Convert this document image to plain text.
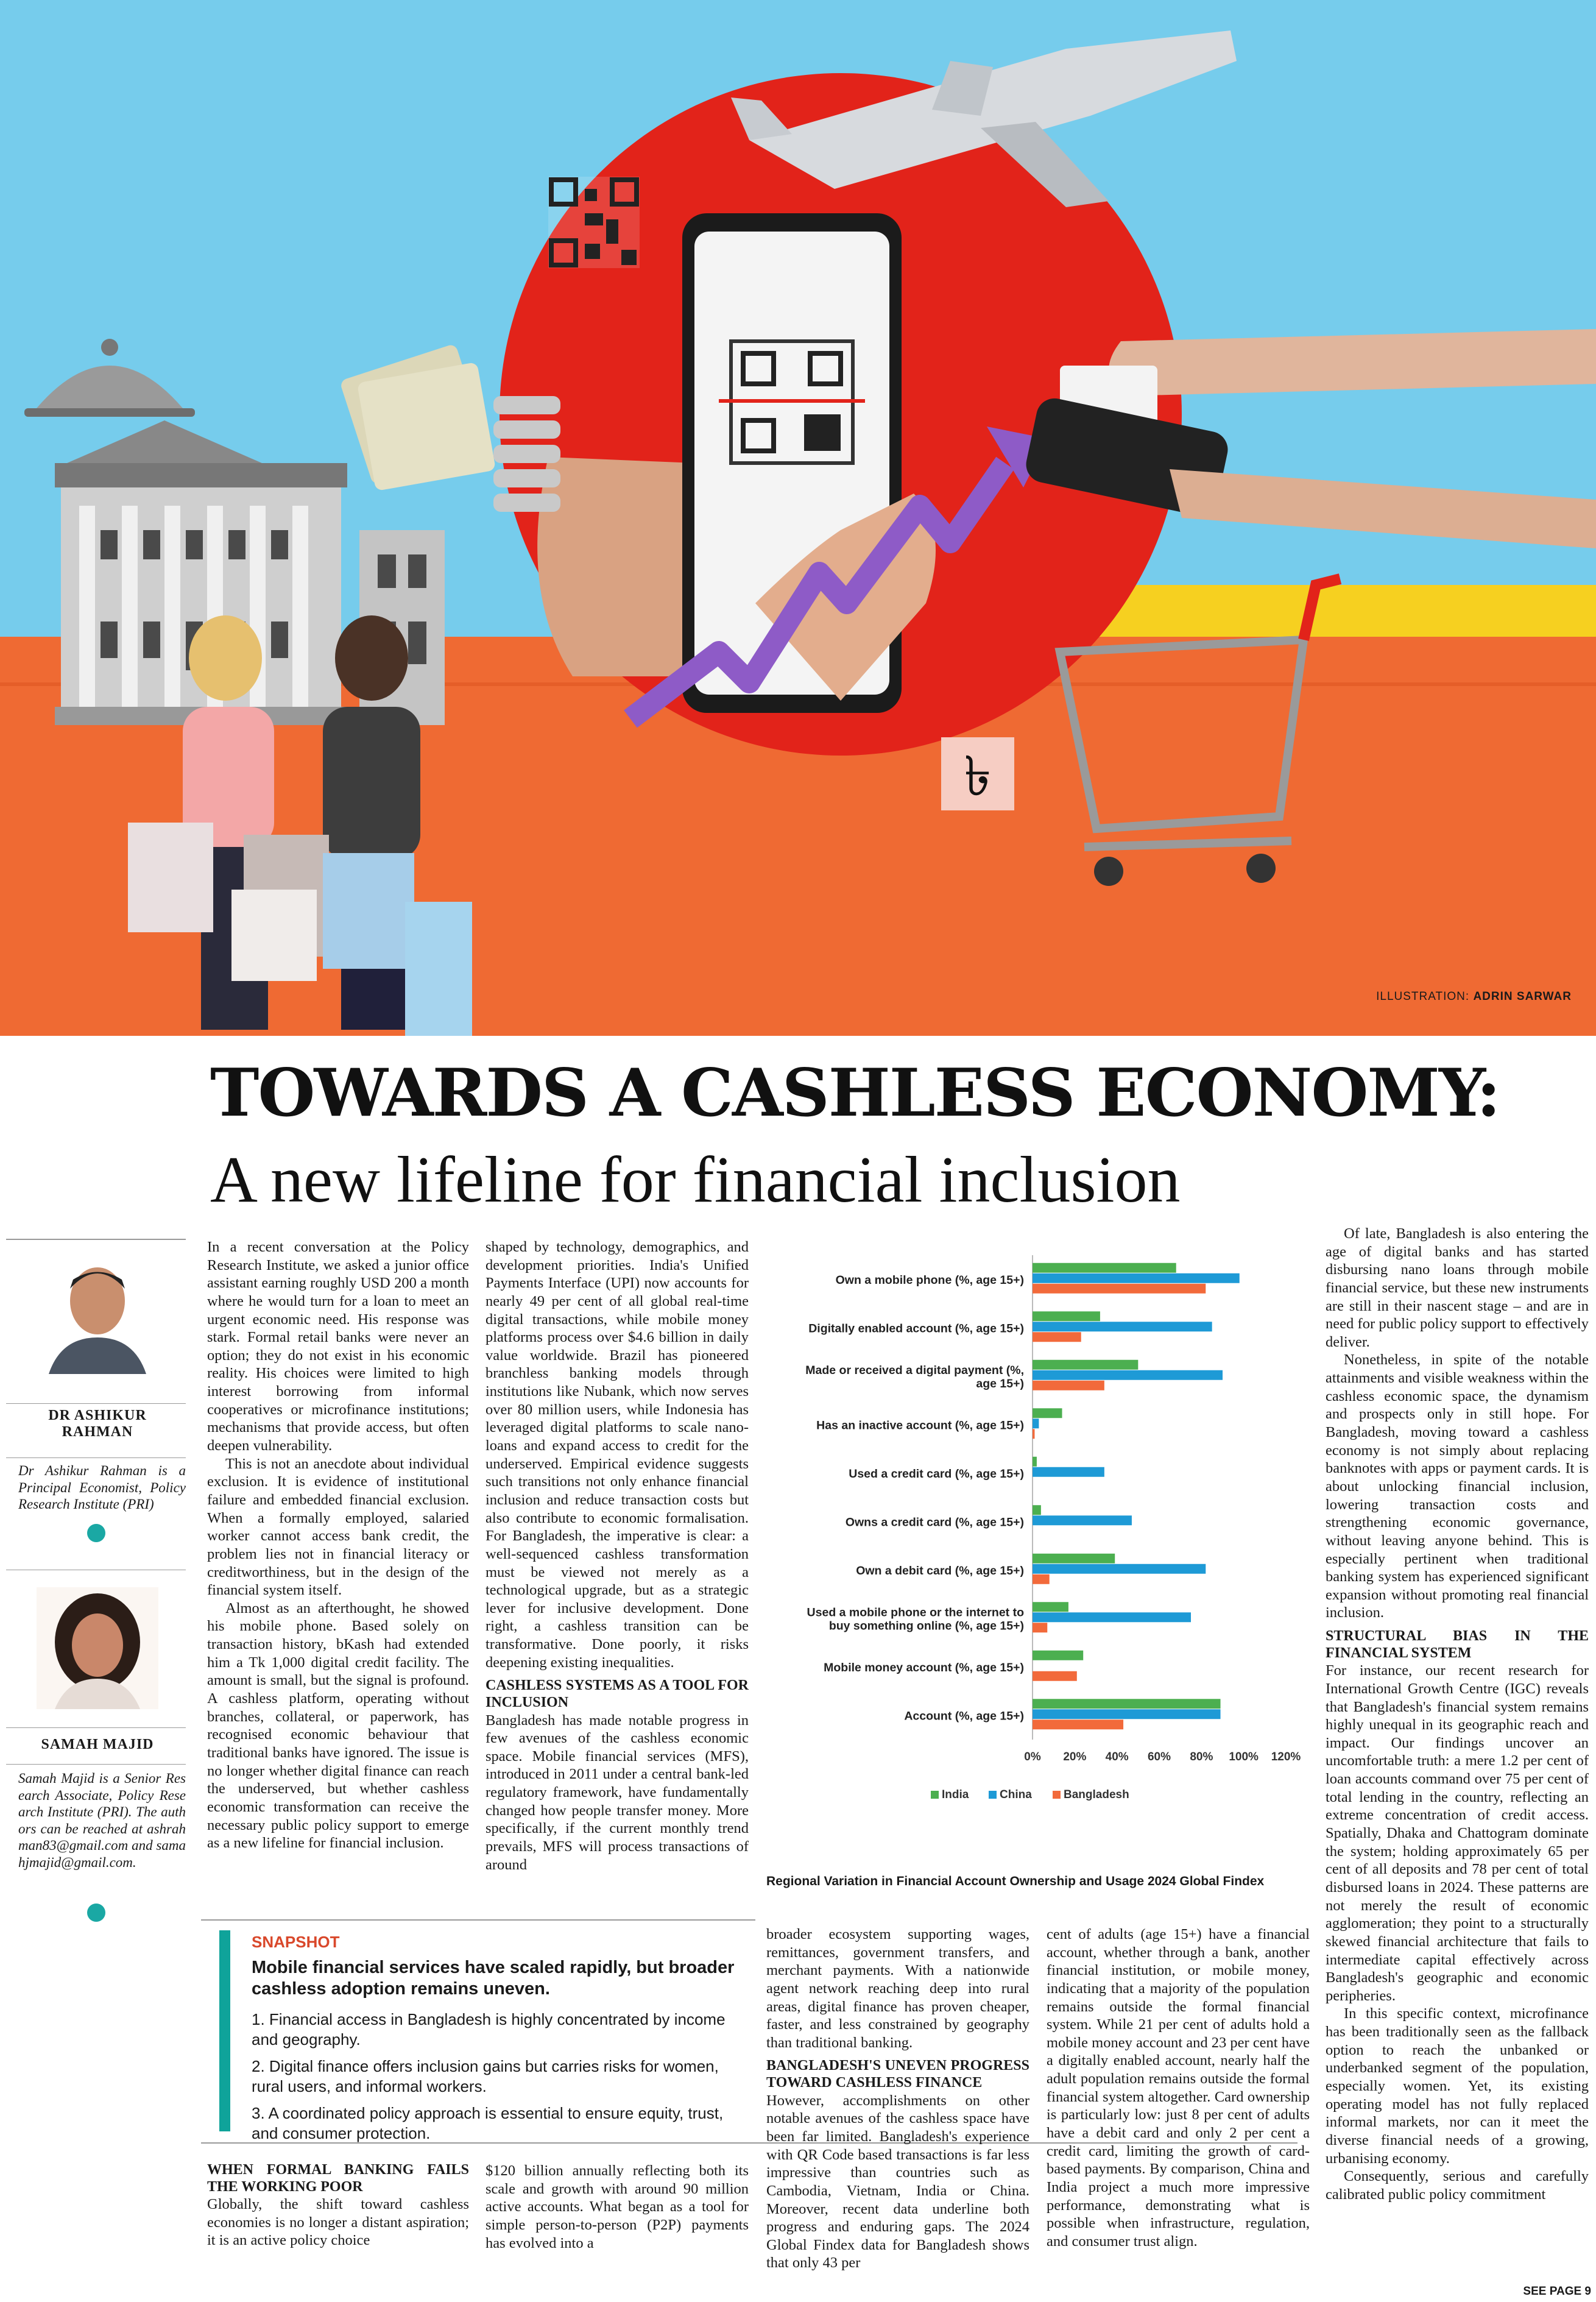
৳
ILLUSTRATION: ADRIN SARWAR
TOWARDS A CASHLESS ECONOMY:
A new lifeline for financial inclusion
DR ASHIKUR RAHMAN
Dr Ashikur Rahman is a Principal Economist, Policy Research Institute (PRI)
SAMAH MAJID
Samah Majid is a Senior Research Associate, Policy Research Institute (PRI). The authors can be reached at ashrahman83@gmail.com and samahjmajid@gmail.com.

In a recent conversation at the Policy Research Institute, we asked a junior office assistant earning roughly USD 200 a month where he would turn for a loan to meet an urgent economic need. His response was stark. Formal retail banks were never an option; they do not exist in his economic reality. His choices were limited to high interest borrowing from informal cooperatives or microfinance institutions; mechanisms that provide access, but often deepen vulnerability.

This is not an anecdote about individual exclusion. It is evidence of institutional failure and embedded financial exclusion. When a formally employed, salaried worker cannot access bank credit, the problem lies not in financial literacy or creditworthiness, but in the design of the financial system itself.

Almost as an afterthought, he showed his mobile phone. Based solely on transaction history, bKash had extended him a Tk 1,000 digital credit facility. The amount is small, but the signal is profound. A cashless platform, operating without branches, collateral, or paperwork, has recognised economic behaviour that traditional banks have ignored. The issue is no longer whether digital finance can reach the underserved, but whether cashless economic transformation can receive the necessary public policy support to emerge as a new lifeline for financial inclusion.

shaped by technology, demographics, and development priorities. India's Unified Payments Interface (UPI) now accounts for nearly 49 per cent of all global real-time digital transactions, while mobile money platforms process over $4.6 billion in daily value worldwide. Brazil has pioneered branchless banking models through institutions like Nubank, which now serves over 80 million users, while Indonesia has leveraged digital platforms to scale nano-loans and expand access to credit for the underserved. Empirical evidence suggests such transitions not only enhance financial inclusion and reduce transaction costs but also contribute to economic formalisation. For Bangladesh, the imperative is clear: a well-sequenced cashless transformation must be viewed not merely as a technological upgrade, but as a strategic lever for inclusive development. Done right, a cashless transition can be transformative. Done poorly, it risks deepening existing inequalities.

CASHLESS SYSTEMS AS A TOOL FOR INCLUSION

Bangladesh has made notable progress in few avenues of the cashless economic space. Mobile financial services (MFS), introduced in 2011 under a central bank-led regulatory framework, have fundamentally changed how people transfer money. More specifically, if the current monthly trend prevails, MFS will process transactions of around

Own a mobile phone (%, age 15+)
Digitally enabled account (%, age 15+)
Made or received a digital payment (%, age 15+)
Has an inactive account (%, age 15+)
Used a credit card (%, age 15+)
Owns a credit card (%, age 15+)
Own a debit card (%, age 15+)
Used a mobile phone or the internet to buy something online (%, age 15+)
Mobile money account (%, age 15+)
Account (%, age 15+)
0% 20% 40% 60% 80% 100% 120%
India	China	Bangladesh
Regional Variation in Financial Account Ownership and Usage 2024 Global Findex

Of late, Bangladesh is also entering the age of digital banks and has started disbursing nano loans through mobile financial service, but these new instruments are still in their nascent stage – and are in need for public policy support to effectively deliver.

Nonetheless, in spite of the notable attainments and visible weakness within the cashless economic space, the dynamism and prospects only in still hope. For Bangladesh, moving toward a cashless economy is not simply about replacing banknotes with apps or payment cards. It is about unlocking financial inclusion, lowering transaction costs and strengthening economic governance, without leaving anyone behind. This is especially pertinent when traditional banking system has experienced significant expansion without promoting real financial inclusion.

STRUCTURAL BIAS IN THE FINANCIAL SYSTEM

For instance, our recent research for International Growth Centre (IGC) reveals that Bangladesh's financial system remains highly unequal in its geographic reach and impact. Our findings uncover an uncomfortable truth: a mere 1.2 per cent of loan accounts command over 75 per cent of total lending in the country, reflecting an extreme concentration of credit access. Spatially, Dhaka and Chattogram dominate the system; holding approximately 65 per cent of all deposits and 78 per cent of total disbursed loans in 2024. These patterns are not merely the result of economic agglomeration; they point to a structurally skewed financial architecture that fails to intermediate capital effectively across Bangladesh's geographic and economic peripheries.

In this specific context, microfinance has been traditionally seen as the fallback option to reach the unbanked or underbanked segment of the population, especially women. Yet, its existing operating model has not fully replaced informal markets, nor can it meet the diverse financial needs of a growing, urbanising economy.

Consequently, serious and carefully calibrated public policy commitment

SNAPSHOT
Mobile financial services have scaled rapidly, but broader cashless adoption remains uneven.
1. Financial access in Bangladesh is highly concentrated by income and geography.
2. Digital finance offers inclusion gains but carries risks for women, rural users, and informal workers.
3. A coordinated policy approach is essential to ensure equity, trust, and consumer protection.
WHEN FORMAL BANKING FAILS THE WORKING POOR

Globally, the shift toward cashless economies is no longer a distant aspiration; it is an active policy choice

$120 billion annually reflecting both its scale and growth with around 90 million active accounts. What began as a tool for simple person-to-person (P2P) payments has evolved into a

broader ecosystem supporting wages, remittances, government transfers, and merchant payments. With a nationwide agent network reaching deep into rural areas, digital finance has proven cheaper, faster, and less constrained by geography than traditional banking.

BANGLADESH'S UNEVEN PROGRESS TOWARD CASHLESS FINANCE

However, accomplishments on other notable avenues of the cashless space have been far limited. Bangladesh's experience with QR Code based transactions is far less impressive than countries such as Cambodia, Vietnam, India or China. Moreover, recent data underline both progress and enduring gaps. The 2024 Global Findex data for Bangladesh shows that only 43 per

cent of adults (age 15+) have a financial account, whether through a bank, another financial institution, or mobile money, indicating that a majority of the population remains outside the formal financial system. While 21 per cent of adults hold a mobile money account and 23 per cent have a digitally enabled account, nearly half the adult population remains outside the formal financial system altogether. Card ownership is particularly low: just 8 per cent of adults have a debit card and only 2 per cent a credit card, limiting the growth of card-based payments. By comparison, China and India project a much more impressive performance, demonstrating what is possible when infrastructure, regulation, and consumer trust align.

SEE PAGE 9
